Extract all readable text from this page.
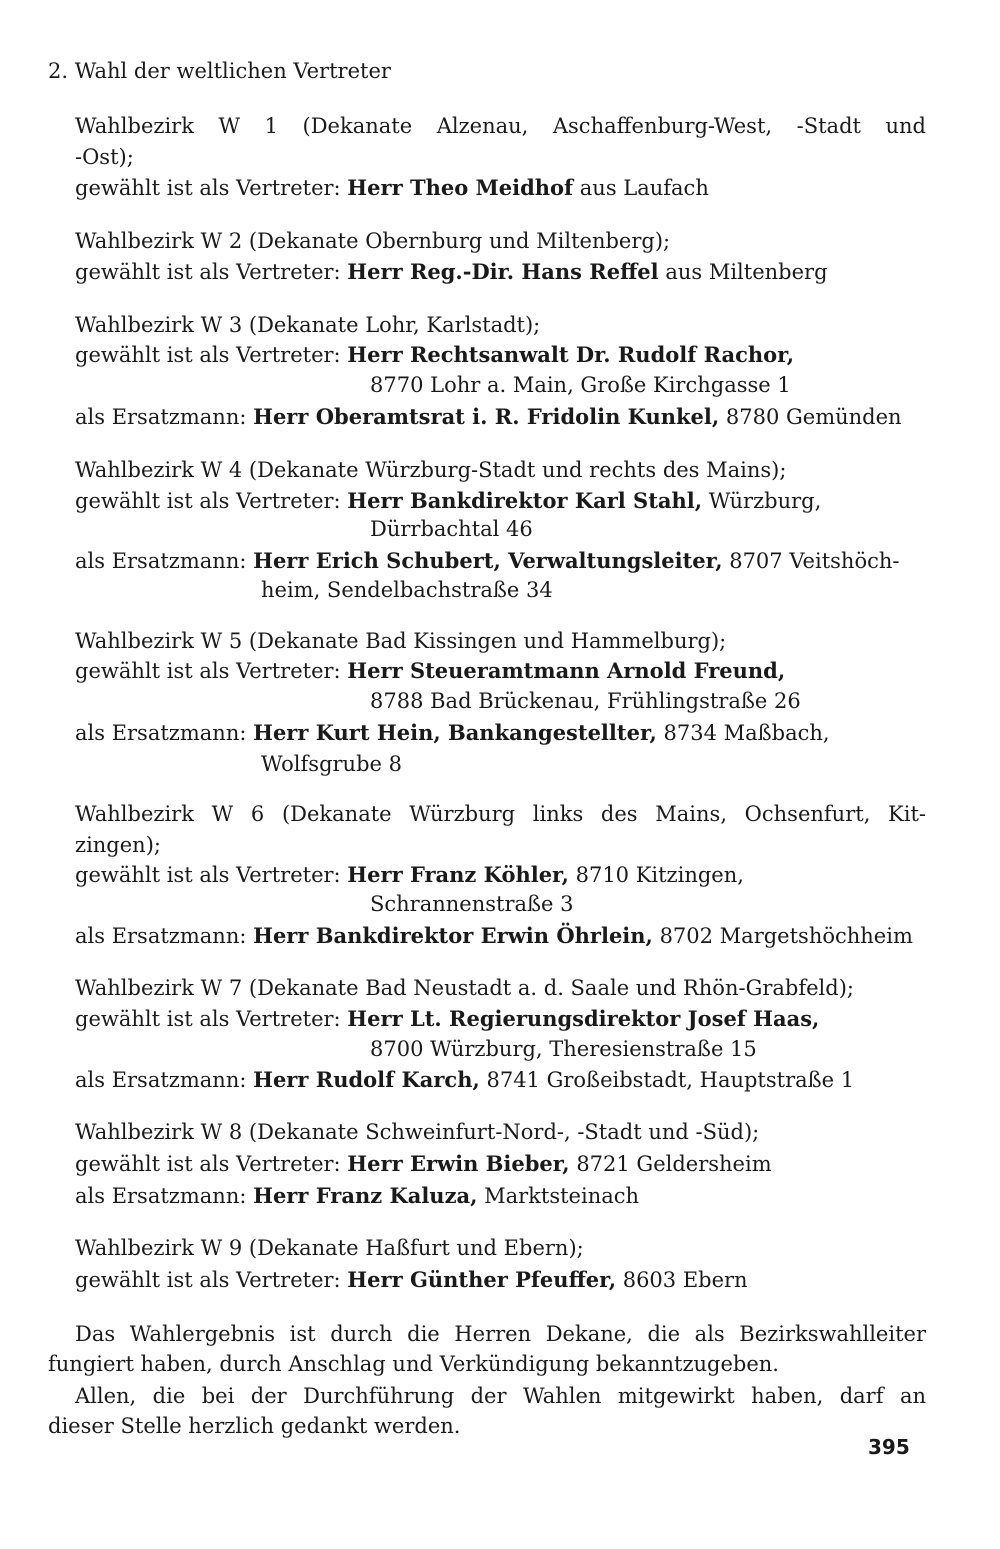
2. Wahl der weltlichen Vertreter
Wahlbezirk W 1 (Dekanate Alzenau, Aschaffenburg-West, -Stadt und
-Ost);
gewählt ist als Vertreter: Herr Theo Meidhof aus Laufach
Wahlbezirk W 2 (Dekanate Obernburg und Miltenberg);
gewählt ist als Vertreter: Herr Reg.-Dir. Hans Reffel aus Miltenberg
Wahlbezirk W 3 (Dekanate Lohr, Karlstadt);
gewählt ist als Vertreter: Herr Rechtsanwalt Dr. Rudolf Rachor,
8770 Lohr a. Main, Große Kirchgasse 1
als Ersatzmann: Herr Oberamtsrat i. R. Fridolin Kunkel, 8780 Gemünden
Wahlbezirk W 4 (Dekanate Würzburg-Stadt und rechts des Mains);
gewählt ist als Vertreter: Herr Bankdirektor Karl Stahl, Würzburg,
Dürrbachtal 46
als Ersatzmann: Herr Erich Schubert, Verwaltungsleiter, 8707 Veitshöch-
heim, Sendelbachstraße 34
Wahlbezirk W 5 (Dekanate Bad Kissingen und Hammelburg);
gewählt ist als Vertreter: Herr Steueramtmann Arnold Freund,
8788 Bad Brückenau, Frühlingstraße 26
als Ersatzmann: Herr Kurt Hein, Bankangestellter, 8734 Maßbach,
Wolfsgrube 8
Wahlbezirk W 6 (Dekanate Würzburg links des Mains, Ochsenfurt, Kit-
zingen);
gewählt ist als Vertreter: Herr Franz Köhler, 8710 Kitzingen,
Schrannenstraße 3
als Ersatzmann: Herr Bankdirektor Erwin Öhrlein, 8702 Margetshöchheim
Wahlbezirk W 7 (Dekanate Bad Neustadt a. d. Saale und Rhön-Grabfeld);
gewählt ist als Vertreter: Herr Lt. Regierungsdirektor Josef Haas,
8700 Würzburg, Theresienstraße 15
als Ersatzmann: Herr Rudolf Karch, 8741 Großeibstadt, Hauptstraße 1
Wahlbezirk W 8 (Dekanate Schweinfurt-Nord-, -Stadt und -Süd);
gewählt ist als Vertreter: Herr Erwin Bieber, 8721 Geldersheim
als Ersatzmann: Herr Franz Kaluza, Marktsteinach
Wahlbezirk W 9 (Dekanate Haßfurt und Ebern);
gewählt ist als Vertreter: Herr Günther Pfeuffer, 8603 Ebern
Das Wahlergebnis ist durch die Herren Dekane, die als Bezirkswahlleiter
fungiert haben, durch Anschlag und Verkündigung bekanntzugeben.
Allen, die bei der Durchführung der Wahlen mitgewirkt haben, darf an
dieser Stelle herzlich gedankt werden.
395
